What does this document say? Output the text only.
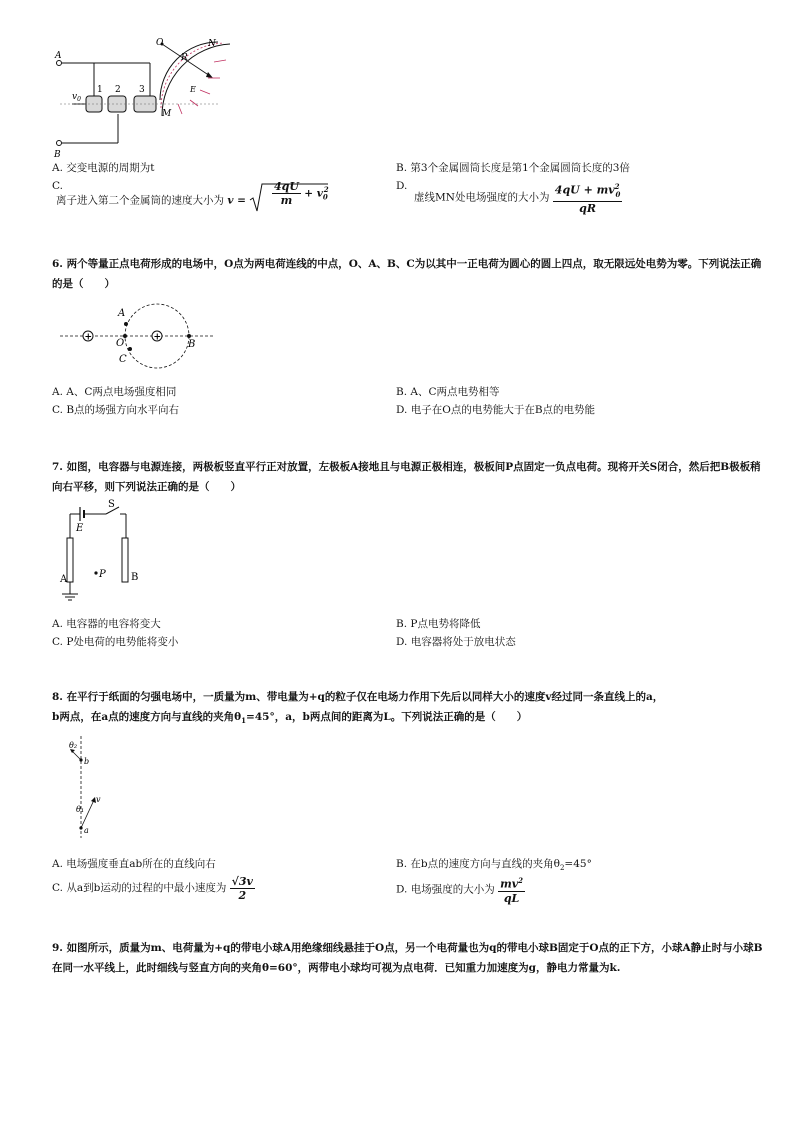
A
B
$v_0$
1 2 3
O
R
N
E
M
A. 交变电源的周期为t	B. 第3个金属圆筒长度是第1个金属圆筒长度的3倍
C.
离子进入第二个金属筒的速度大小为 v =	$\frac{4qU}{m} + v_0^2$	D.
虚线MN处电场强度的大小为 $\frac{4qU + mv^2_0}{qR}$
6. 两个等量正点电荷形成的电场中，O点为两电荷连线的中点，O、A、B、C为以其中一正电荷为圆心的圆上四点，取无限远处电势为零。下列说法正确的是（　　）
+	+
A
O
C
B
A. A、C两点电场强度相同	B. A、C两点电势相等
C. B点的场强方向水平向右	D. 电子在O点的电势能大于在B点的电势能
7. 如图，电容器与电源连接，两极板竖直平行正对放置，左极板A接地且与电源正极相连，极板间P点固定一负点电荷。现将开关S闭合，然后把B极板稍向右平移，则下列说法正确的是（　　）
S
E
A	P	B
A. 电容器的电容将变大	B. P点电势将降低
C. P处电荷的电势能将变小	D. 电容器将处于放电状态
8. 在平行于纸面的匀强电场中，一质量为m、带电量为+q的粒子仅在电场力作用下先后以同样大小的速度v经过同一条直线上的a，
b两点，在a点的速度方向与直线的夹角$\theta_1=45^\circ$，a，b两点间的距离为L。下列说法正确的是（　　）
θ₂
b
θ₁
v
a
A. 电场强度垂直ab所在的直线向右	B. 在b点的速度方向与直线的夹角$\theta_2=45^\circ$
C. 从a到b运动的过程的中最小速度为 $\frac{√3v}{2}$	D. 电场强度的大小为 $\frac{mv^2}{qL}$
9. 如图所示，质量为m、电荷量为+q的带电小球A用绝缘细线悬挂于O点，另一个电荷量也为q的带电小球B固定于O点的正下方，小球A静止时与小球B在同一水平线上，此时细线与竖直方向的夹角θ=60°，两带电小球均可视为点电荷．已知重力加速度为g，静电力常量为k.
